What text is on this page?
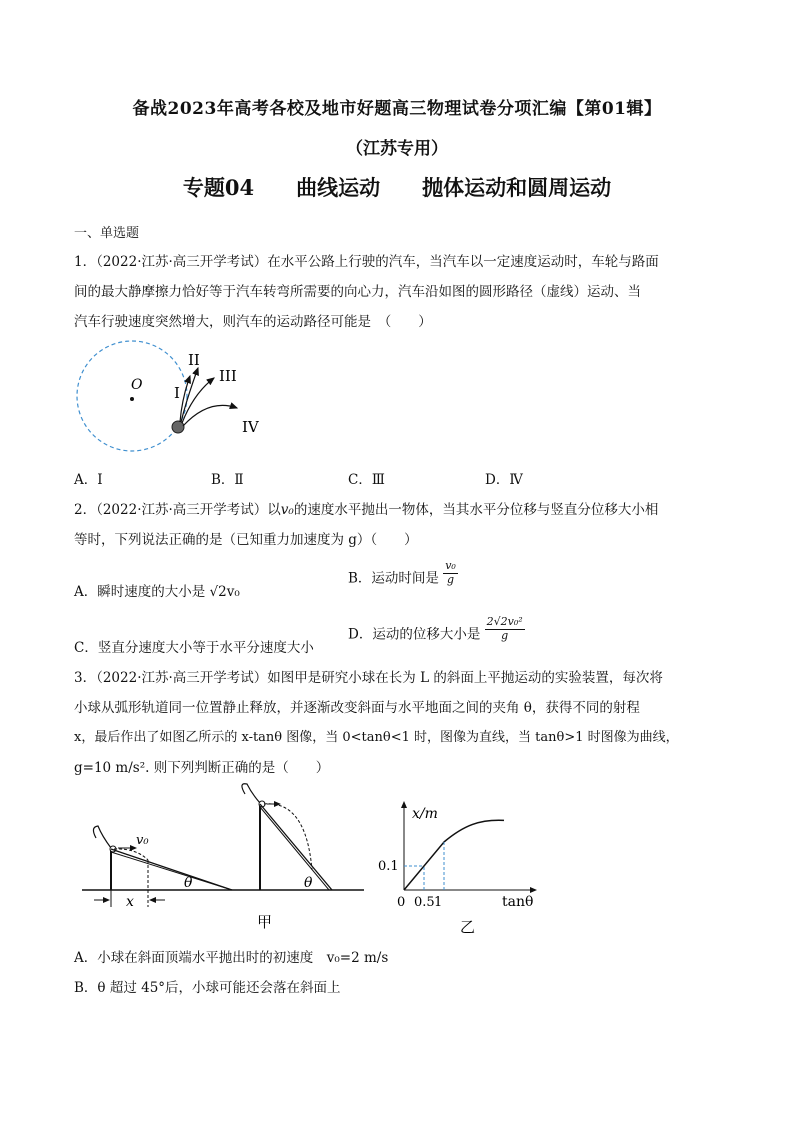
备战2023年高考各校及地市好题高三物理试卷分项汇编【第01辑】
（江苏专用）
专题04　　曲线运动　　抛体运动和圆周运动
一、单选题
1．（2022·江苏·高三开学考试）在水平公路上行驶的汽车，当汽车以一定速度运动时，车轮与路面
间的最大静摩擦力恰好等于汽车转弯所需要的向心力，汽车沿如图的圆形路径（虚线）运动、当
汽车行驶速度突然增大，则汽车的运动路径可能是　（　　）
O I
II
III
IV
A．Ⅰ	B．Ⅱ	C．Ⅲ	D．Ⅳ
2．（2022·江苏·高三开学考试）以v₀的速度水平抛出一物体，当其水平分位移与竖直分位移大小相
等时，下列说法正确的是（已知重力加速度为 g）（　　）
A．瞬时速度的大小是 √2v₀
B．运动时间是 $\frac{\text{v₀}}{g}$
C．竖直分速度大小等于水平分速度大小
D．运动的位移大小是 $\frac{\text{2√2v₀²}}{g}$
3．（2022·江苏·高三开学考试）如图甲是研究小球在长为 L 的斜面上平抛运动的实验装置，每次将
小球从弧形轨道同一位置静止释放，并逐渐改变斜面与水平地面之间的夹角 θ，获得不同的射程
x，最后作出了如图乙所示的 x-tanθ 图像，当 0<tanθ<1 时，图像为直线，当 tanθ>1 时图像为曲线，
g=10 m/s². 则下列判断正确的是（　　）
v₀
θ
x
θ
甲
x/m
tanθ
0 0.5 1
0.1
乙
A．小球在斜面顶端水平抛出时的初速度　v₀=2 m/s
B．θ 超过 45°后，小球可能还会落在斜面上
